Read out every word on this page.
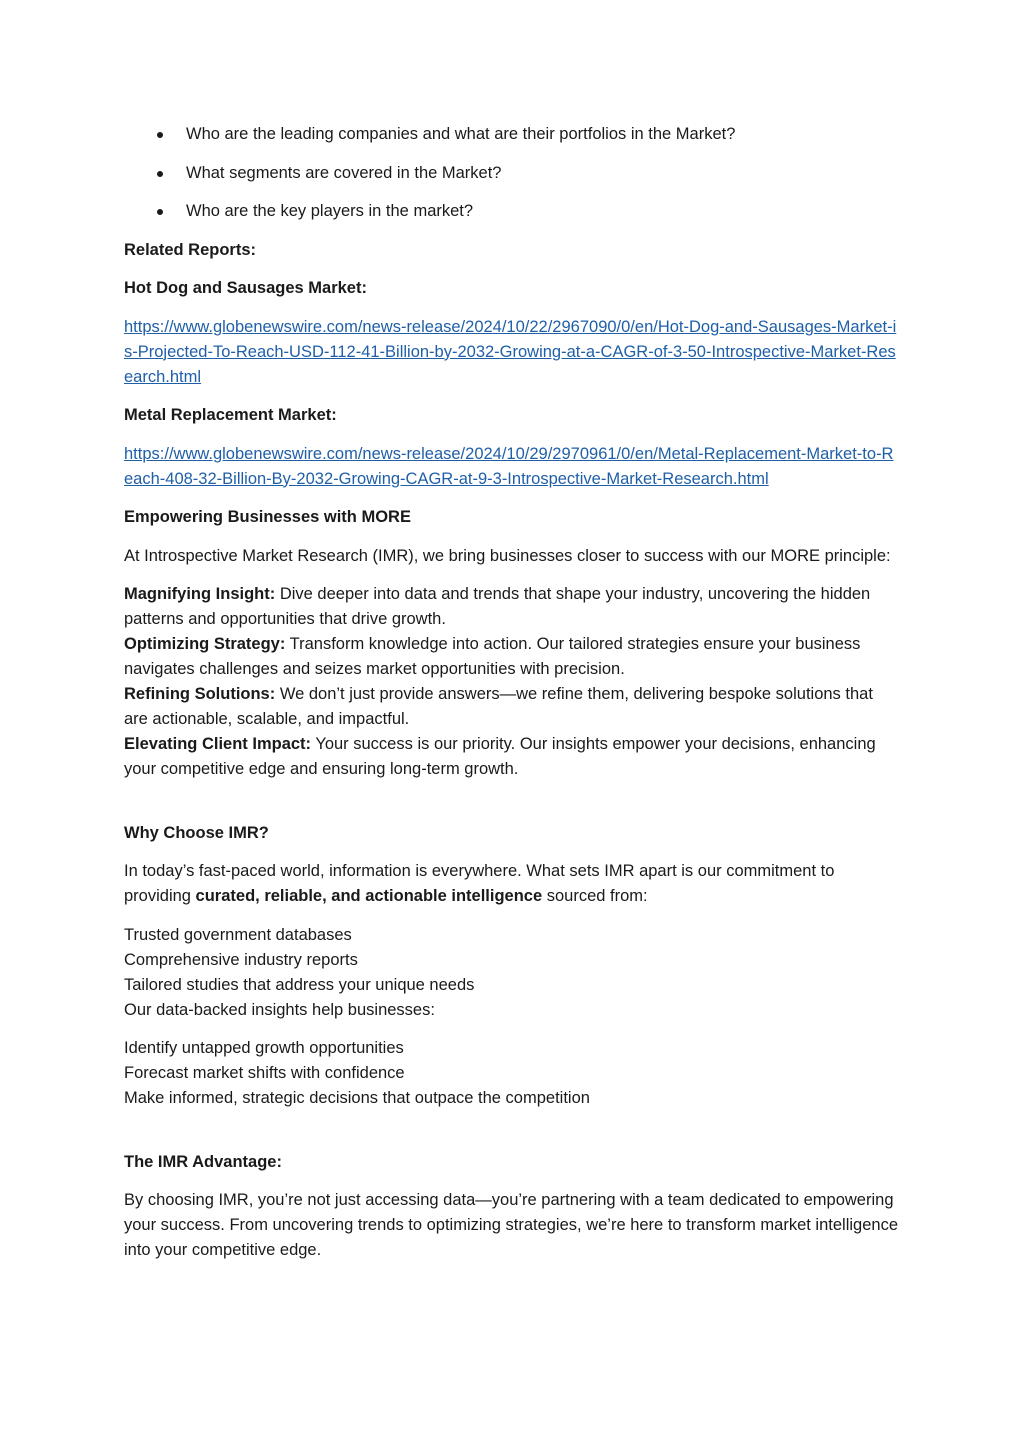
Who are the leading companies and what are their portfolios in the Market?
What segments are covered in the Market?
Who are the key players in the market?

Related Reports:

Hot Dog and Sausages Market:

https://www.globenewswire.com/news-release/2024/10/22/2967090/0/en/Hot-Dog-and-Sausages-Market-is-Projected-To-Reach-USD-112-41-Billion-by-2032-Growing-at-a-CAGR-of-3-50-Introspective-Market-Research.html

Metal Replacement Market:

https://www.globenewswire.com/news-release/2024/10/29/2970961/0/en/Metal-Replacement-Market-to-Reach-408-32-Billion-By-2032-Growing-CAGR-at-9-3-Introspective-Market-Research.html

Empowering Businesses with MORE

At Introspective Market Research (IMR), we bring businesses closer to success with our MORE principle:

Magnifying Insight: Dive deeper into data and trends that shape your industry, uncovering the hidden patterns and opportunities that drive growth.
Optimizing Strategy: Transform knowledge into action. Our tailored strategies ensure your business navigates challenges and seizes market opportunities with precision.
Refining Solutions: We don’t just provide answers—we refine them, delivering bespoke solutions that are actionable, scalable, and impactful.
Elevating Client Impact: Your success is our priority. Our insights empower your decisions, enhancing your competitive edge and ensuring long-term growth.

Why Choose IMR?

In today’s fast-paced world, information is everywhere. What sets IMR apart is our commitment to providing curated, reliable, and actionable intelligence sourced from:

Trusted government databases
Comprehensive industry reports
Tailored studies that address your unique needs
Our data-backed insights help businesses:

Identify untapped growth opportunities
Forecast market shifts with confidence
Make informed, strategic decisions that outpace the competition

The IMR Advantage:

By choosing IMR, you’re not just accessing data—you’re partnering with a team dedicated to empowering your success. From uncovering trends to optimizing strategies, we’re here to transform market intelligence into your competitive edge.
